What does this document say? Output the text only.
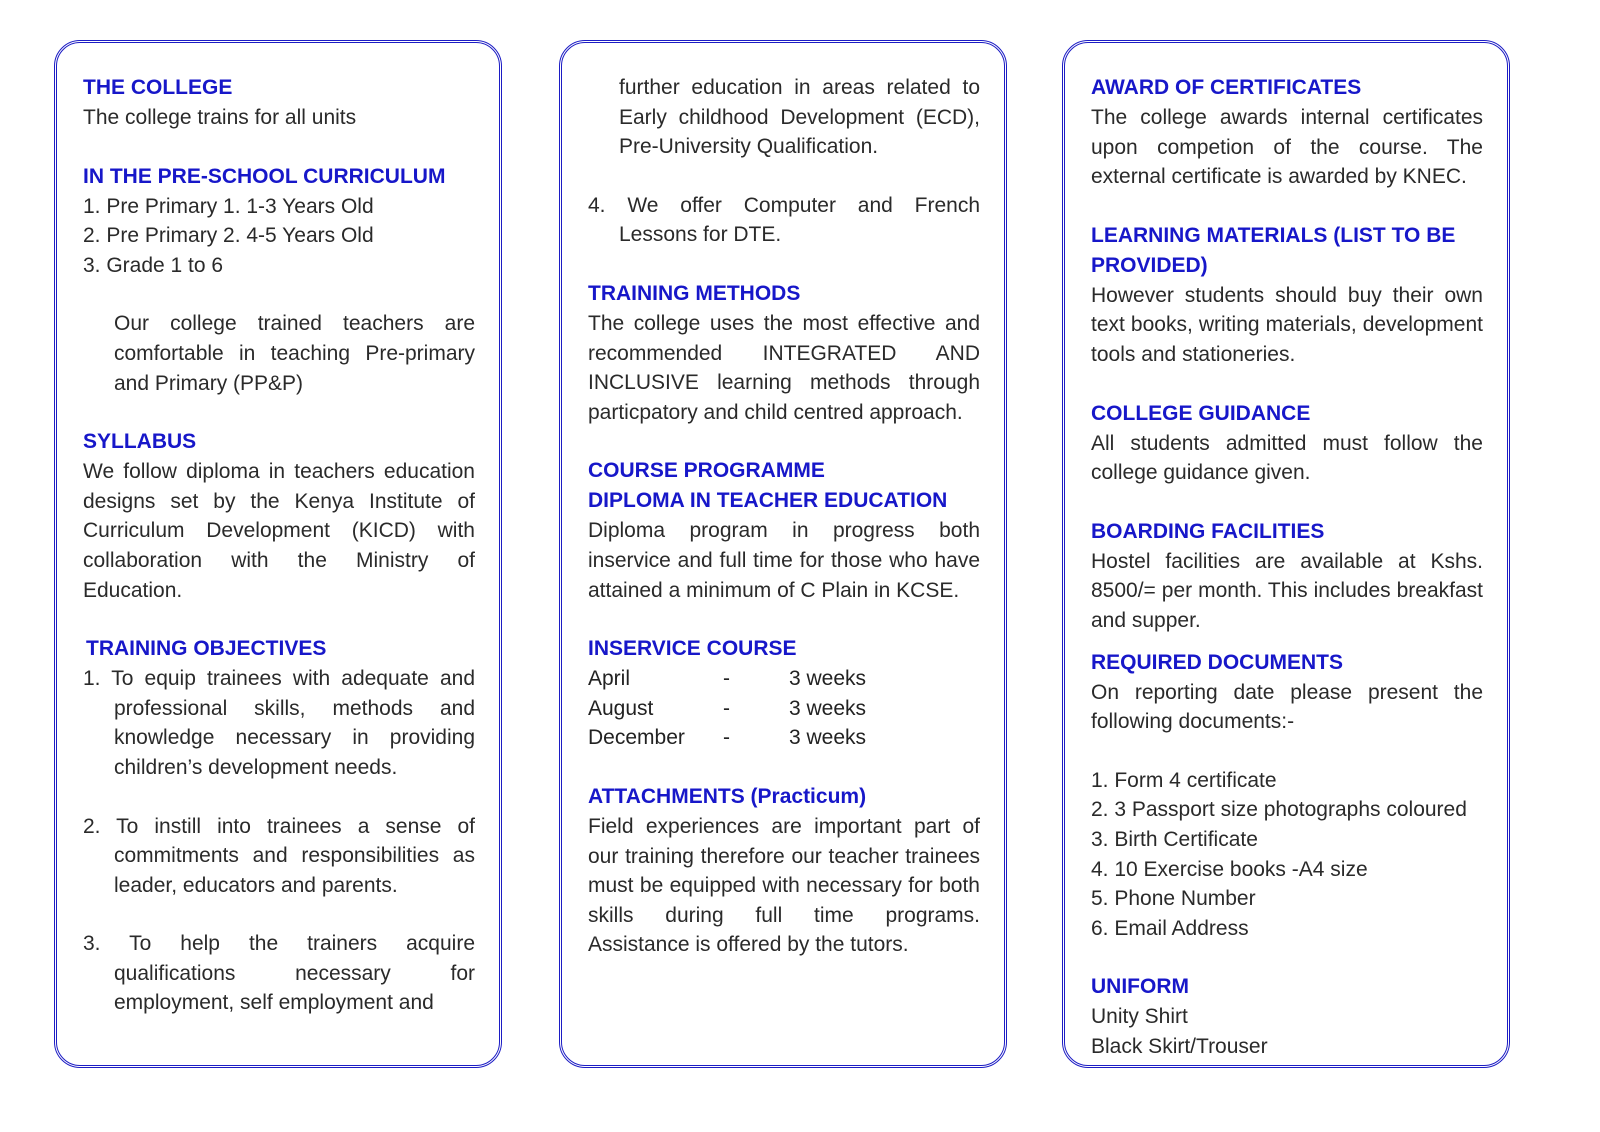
THE COLLEGE

The college trains for all units

IN THE PRE-SCHOOL CURRICULUM

1. Pre Primary 1. 1-3 Years Old
2. Pre Primary 2. 4-5 Years Old
3. Grade 1 to 6

Our college trained teachers are comfortable in teaching Pre-primary and Primary (PP&P)

SYLLABUS

We follow diploma in teachers education designs set by the Kenya Institute of Curriculum Development (KICD) with collaboration with the Ministry of Education.

TRAINING OBJECTIVES

1. To equip trainees with adequate and professional skills, methods and knowledge necessary in providing children’s development needs.

2. To instill into trainees a sense of commitments and responsibilities as leader, educators and parents.

3. To help the trainers acquire qualifications necessary for employment, self employment and

further education in areas related to Early childhood Development (ECD), Pre-University Qualification.

4. We offer Computer and French Lessons for DTE.

TRAINING METHODS

The college uses the most effective and recommended INTEGRATED AND INCLUSIVE learning methods through particpatory and child centred approach.

COURSE PROGRAMME

DIPLOMA IN TEACHER EDUCATION

Diploma program in progress both inservice and full time for those who have attained a minimum of C Plain in KCSE.

INSERVICE COURSE

April	-	3 weeks
August	-	3 weeks
December	-	3 weeks

ATTACHMENTS (Practicum)

Field experiences are important part of our training therefore our teacher trainees must be equipped with necessary for both skills during full time programs. Assistance is offered by the tutors.

AWARD OF CERTIFICATES

The college awards internal certificates upon competion of the course. The external certificate is awarded by KNEC.

LEARNING MATERIALS (LIST TO BE PROVIDED)

However students should buy their own text books, writing materials, development tools and stationeries.

COLLEGE GUIDANCE

All students admitted must follow the college guidance given.

BOARDING FACILITIES

Hostel facilities are available at Kshs. 8500/= per month. This includes breakfast and supper.

REQUIRED DOCUMENTS

On reporting date please present the following documents:-

1. Form 4 certificate
2. 3 Passport size photographs coloured
3. Birth Certificate
4. 10 Exercise books -A4 size
5. Phone Number
6. Email Address

UNIFORM

Unity Shirt

Black Skirt/Trouser
